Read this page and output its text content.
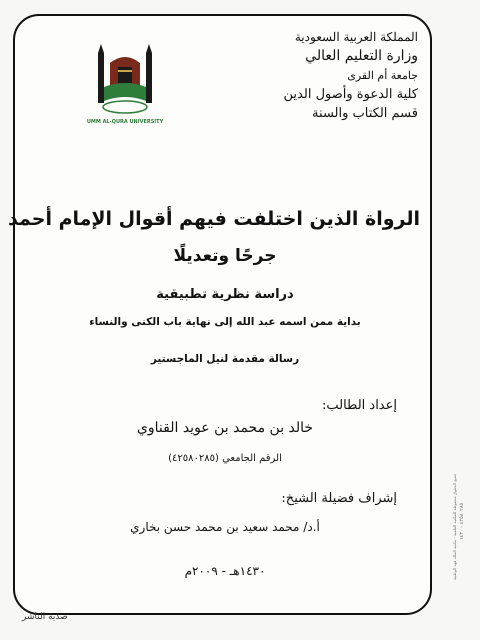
المملكة العربية السعودية
وزارة التعليم العالي
جامعة أم القرى
كلية الدعوة وأصول الدين
قسم الكتاب والسنة
UMM AL-QURA UNIVERSITY
الرواة الذين اختلفت فيهم أقوال الإمام أحمد
جرحًا وتعديلًا
دراسة نظرية تطبيقية
بداية ممن اسمه عبد الله إلى نهاية باب الكنى والنساء
رسالة مقدمة لنيل الماجستير
إعداد الطالب:
خالد بن محمد بن عويد القناوي
الرقم الجامعي (٤٢٥٨٠٢٨٥)
إشراف فضيلة الشيخ:
أ.د/ محمد سعيد بن محمد حسن بخاري
١٤٣٠هـ - ٢٠٠٩م
صدية الناشر
جميع الحقوق محفوظة للمكتبة العلمية - مكتبة الملك فهد الوطنية ٤٢٥٨٠٢٨٥ - ١٤٣٠
